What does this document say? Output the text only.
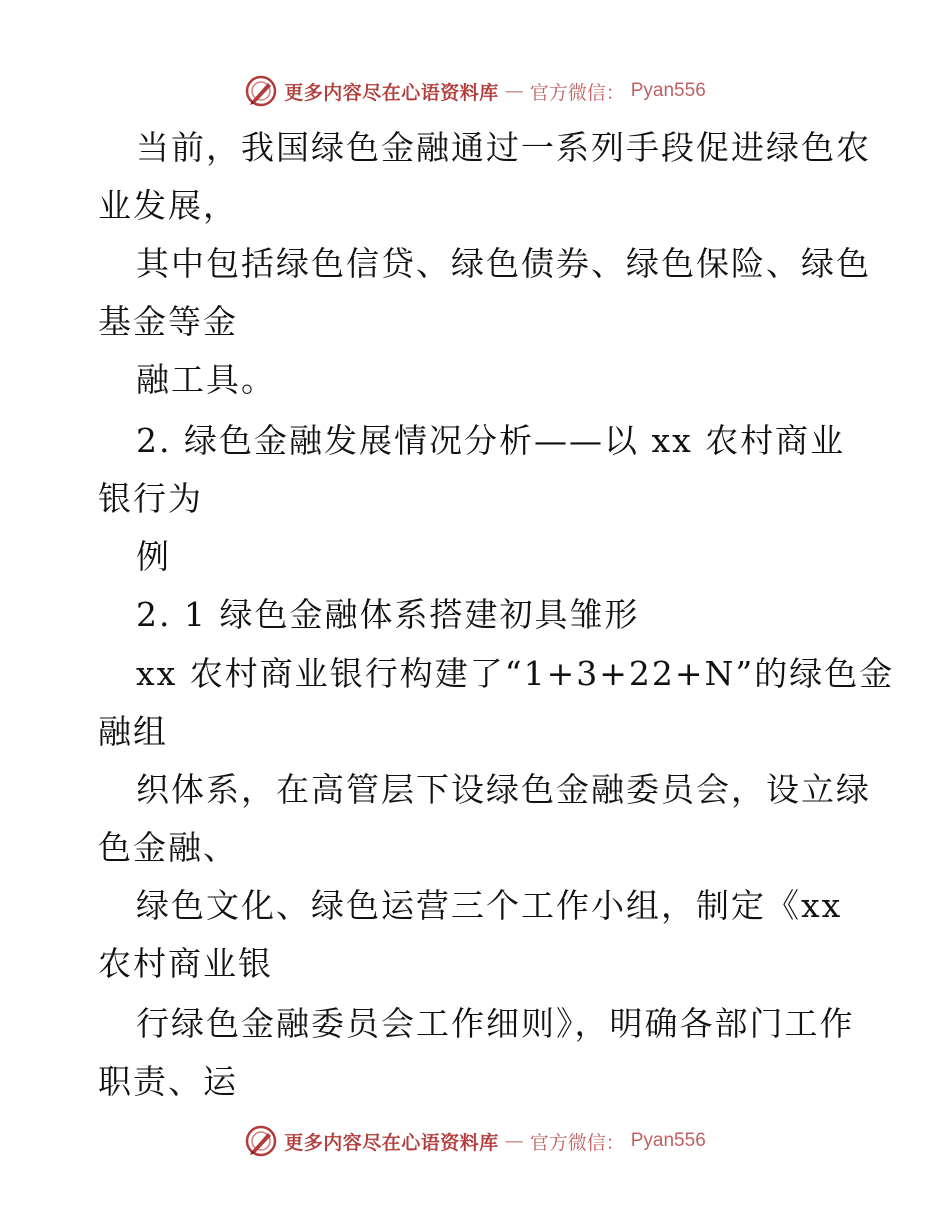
更多内容尽在心语资料库 — 官方微信： Pyan556
当前，我国绿色金融通过一系列手段促进绿色农
业发展，
其中包括绿色信贷、绿色债券、绿色保险、绿色
基金等金
融工具。
2. 绿色金融发展情况分析——以 xx 农村商业
银行为
例
2. 1 绿色金融体系搭建初具雏形
xx 农村商业银行构建了“1+3+22+N”的绿色金
融组
织体系，在高管层下设绿色金融委员会，设立绿
色金融、
绿色文化、绿色运营三个工作小组，制定《xx
农村商业银
行绿色金融委员会工作细则》，明确各部门工作
职责、运
更多内容尽在心语资料库 — 官方微信： Pyan556
